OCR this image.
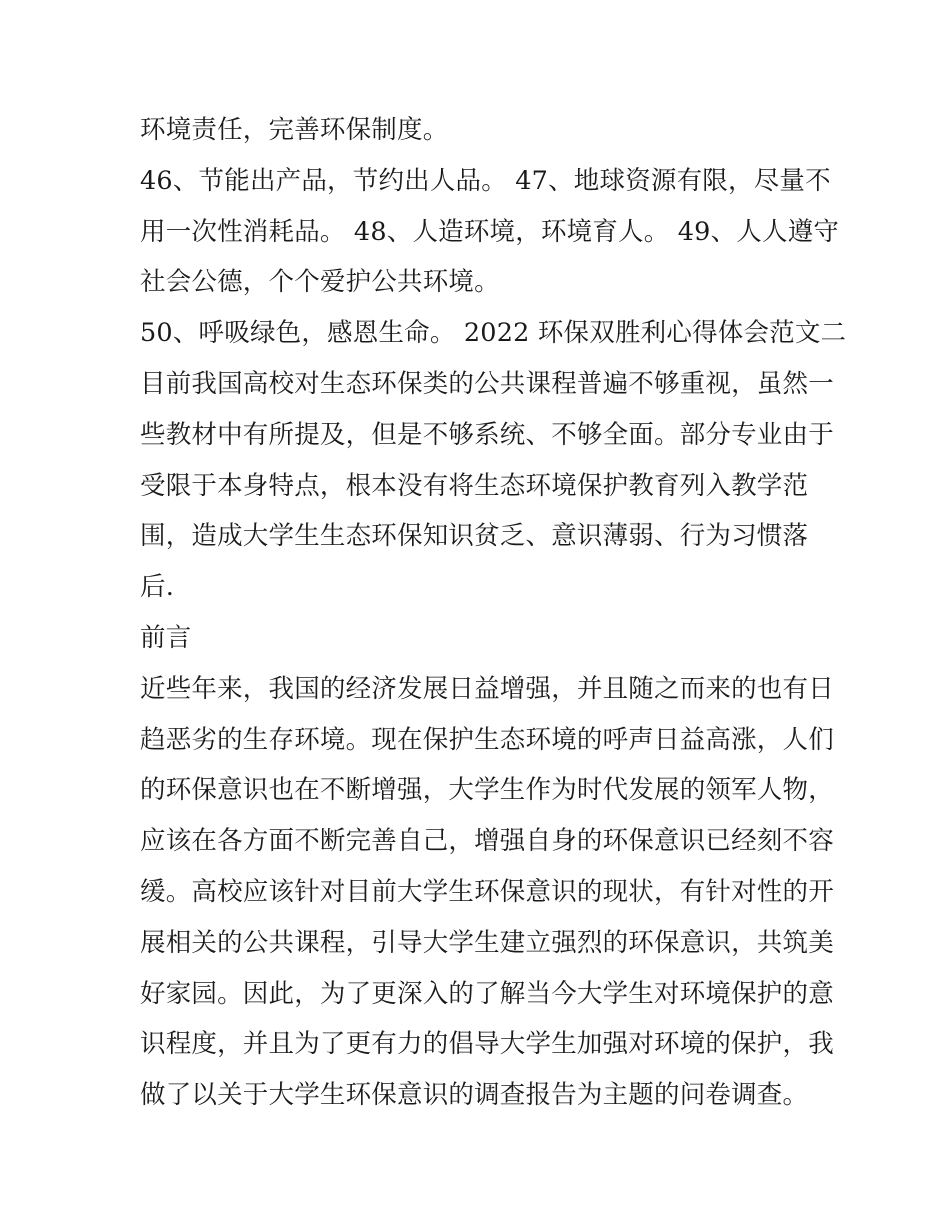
环境责任，完善环保制度。
46、节能出产品，节约出人品。 47、地球资源有限，尽量不
用一次性消耗品。 48、人造环境，环境育人。 49、人人遵守
社会公德，个个爱护公共环境。
50、呼吸绿色，感恩生命。 2022 环保双胜利心得体会范文二
目前我国高校对生态环保类的公共课程普遍不够重视，虽然一
些教材中有所提及，但是不够系统、不够全面。部分专业由于
受限于本身特点，根本没有将生态环境保护教育列入教学范
围，造成大学生生态环保知识贫乏、意识薄弱、行为习惯落
后.
前言
近些年来，我国的经济发展日益增强，并且随之而来的也有日
趋恶劣的生存环境。现在保护生态环境的呼声日益高涨，人们
的环保意识也在不断增强，大学生作为时代发展的领军人物，
应该在各方面不断完善自己，增强自身的环保意识已经刻不容
缓。高校应该针对目前大学生环保意识的现状，有针对性的开
展相关的公共课程，引导大学生建立强烈的环保意识，共筑美
好家园。因此，为了更深入的了解当今大学生对环境保护的意
识程度，并且为了更有力的倡导大学生加强对环境的保护，我
做了以关于大学生环保意识的调查报告为主题的问卷调查。
